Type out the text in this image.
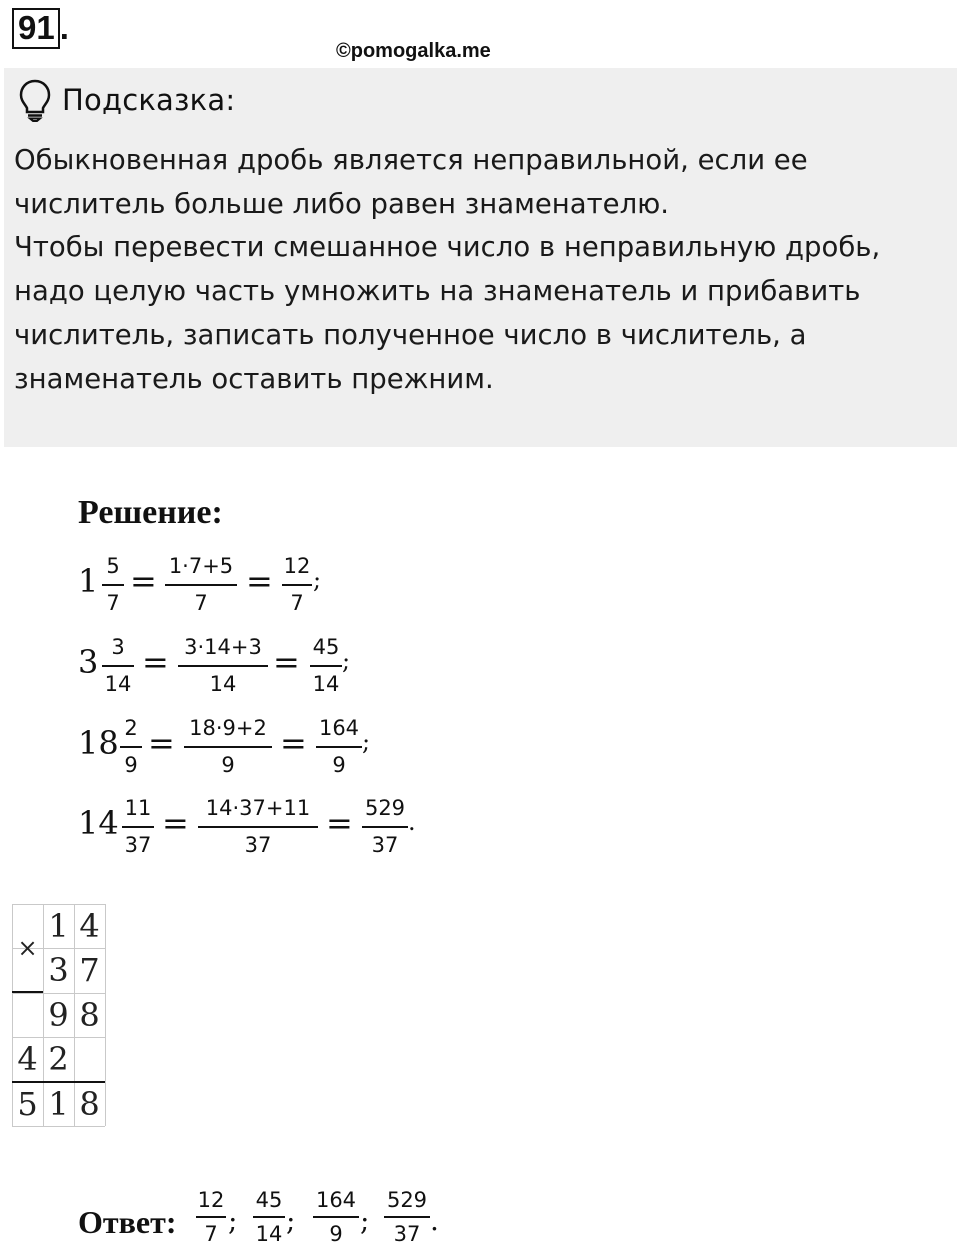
91 .
©pomogalka.me
Подсказка:
Обыкновенная дробь является неправильной, если ее
числитель больше либо равен знаменателю.
Чтобы перевести смешанное число в неправильную дробь,
надо целую часть умножить на знаменатель и прибавить
числитель, записать полученное число в числитель, а
знаменатель оставить прежним.
Решение:
1 5
7
= 1·7+5
7
= 12
7
;
3 3
14
= 3·14+3
14
= 45
14
;
18 2
9
= 18·9+2
9
= 164
9
;
14 11
37
= 14·37+11
37
= 529
37
.
×
1 4
3 7
9 8
4 2
5 1 8
Ответ:
12
7 ;
45
14 ;
164
9 ;
529
37 .
